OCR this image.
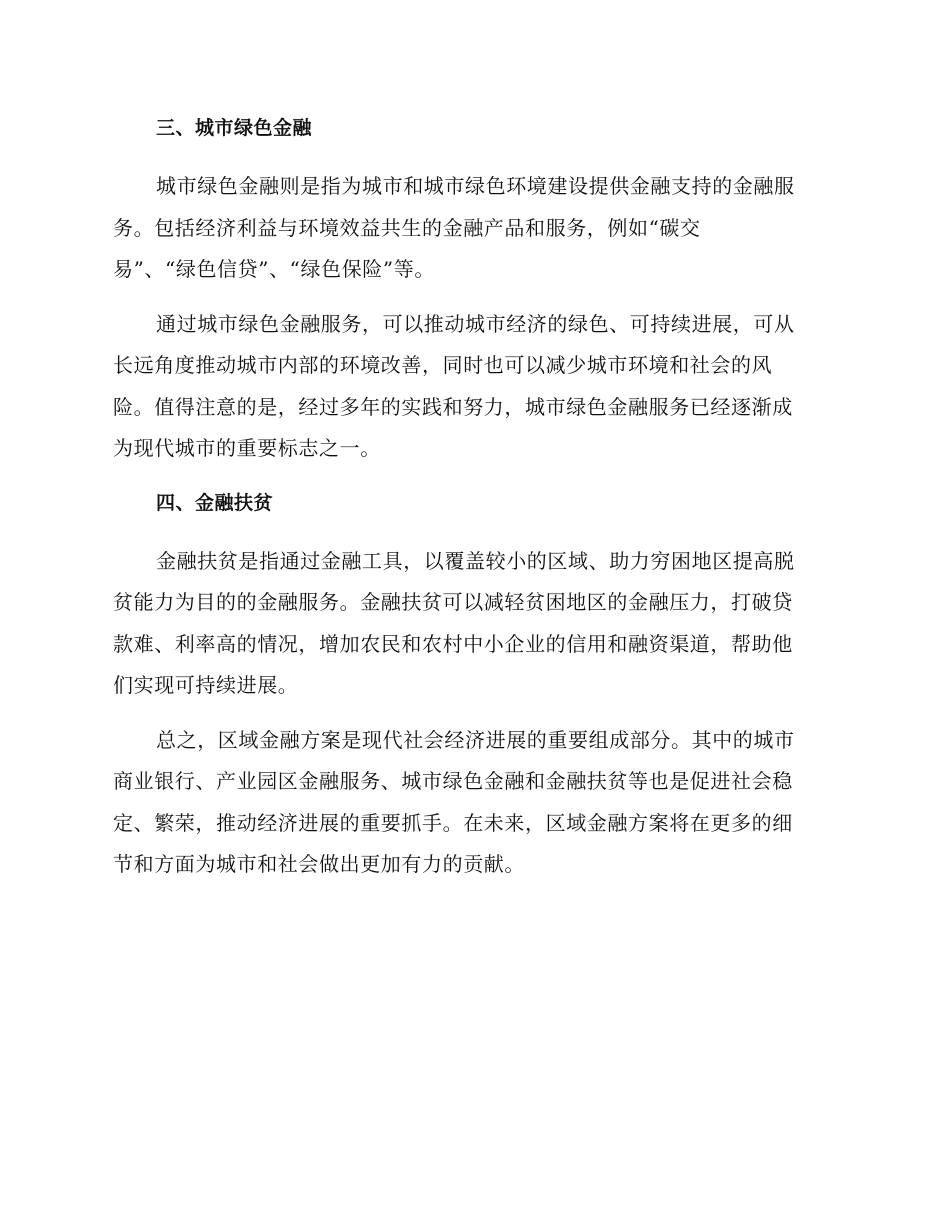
三、城市绿色金融

城市绿色金融则是指为城市和城市绿色环境建设提供金融支持的金融服
务。包括经济利益与环境效益共生的金融产品和服务，例如“碳交
易”、“绿色信贷”、“绿色保险”等。

通过城市绿色金融服务，可以推动城市经济的绿色、可持续进展，可从
长远角度推动城市内部的环境改善，同时也可以减少城市环境和社会的风
险。值得注意的是，经过多年的实践和努力，城市绿色金融服务已经逐渐成
为现代城市的重要标志之一。

四、金融扶贫

金融扶贫是指通过金融工具，以覆盖较小的区域、助力穷困地区提高脱
贫能力为目的的金融服务。金融扶贫可以减轻贫困地区的金融压力，打破贷
款难、利率高的情况，增加农民和农村中小企业的信用和融资渠道，帮助他
们实现可持续进展。

总之，区域金融方案是现代社会经济进展的重要组成部分。其中的城市
商业银行、产业园区金融服务、城市绿色金融和金融扶贫等也是促进社会稳
定、繁荣，推动经济进展的重要抓手。在未来，区域金融方案将在更多的细
节和方面为城市和社会做出更加有力的贡献。
